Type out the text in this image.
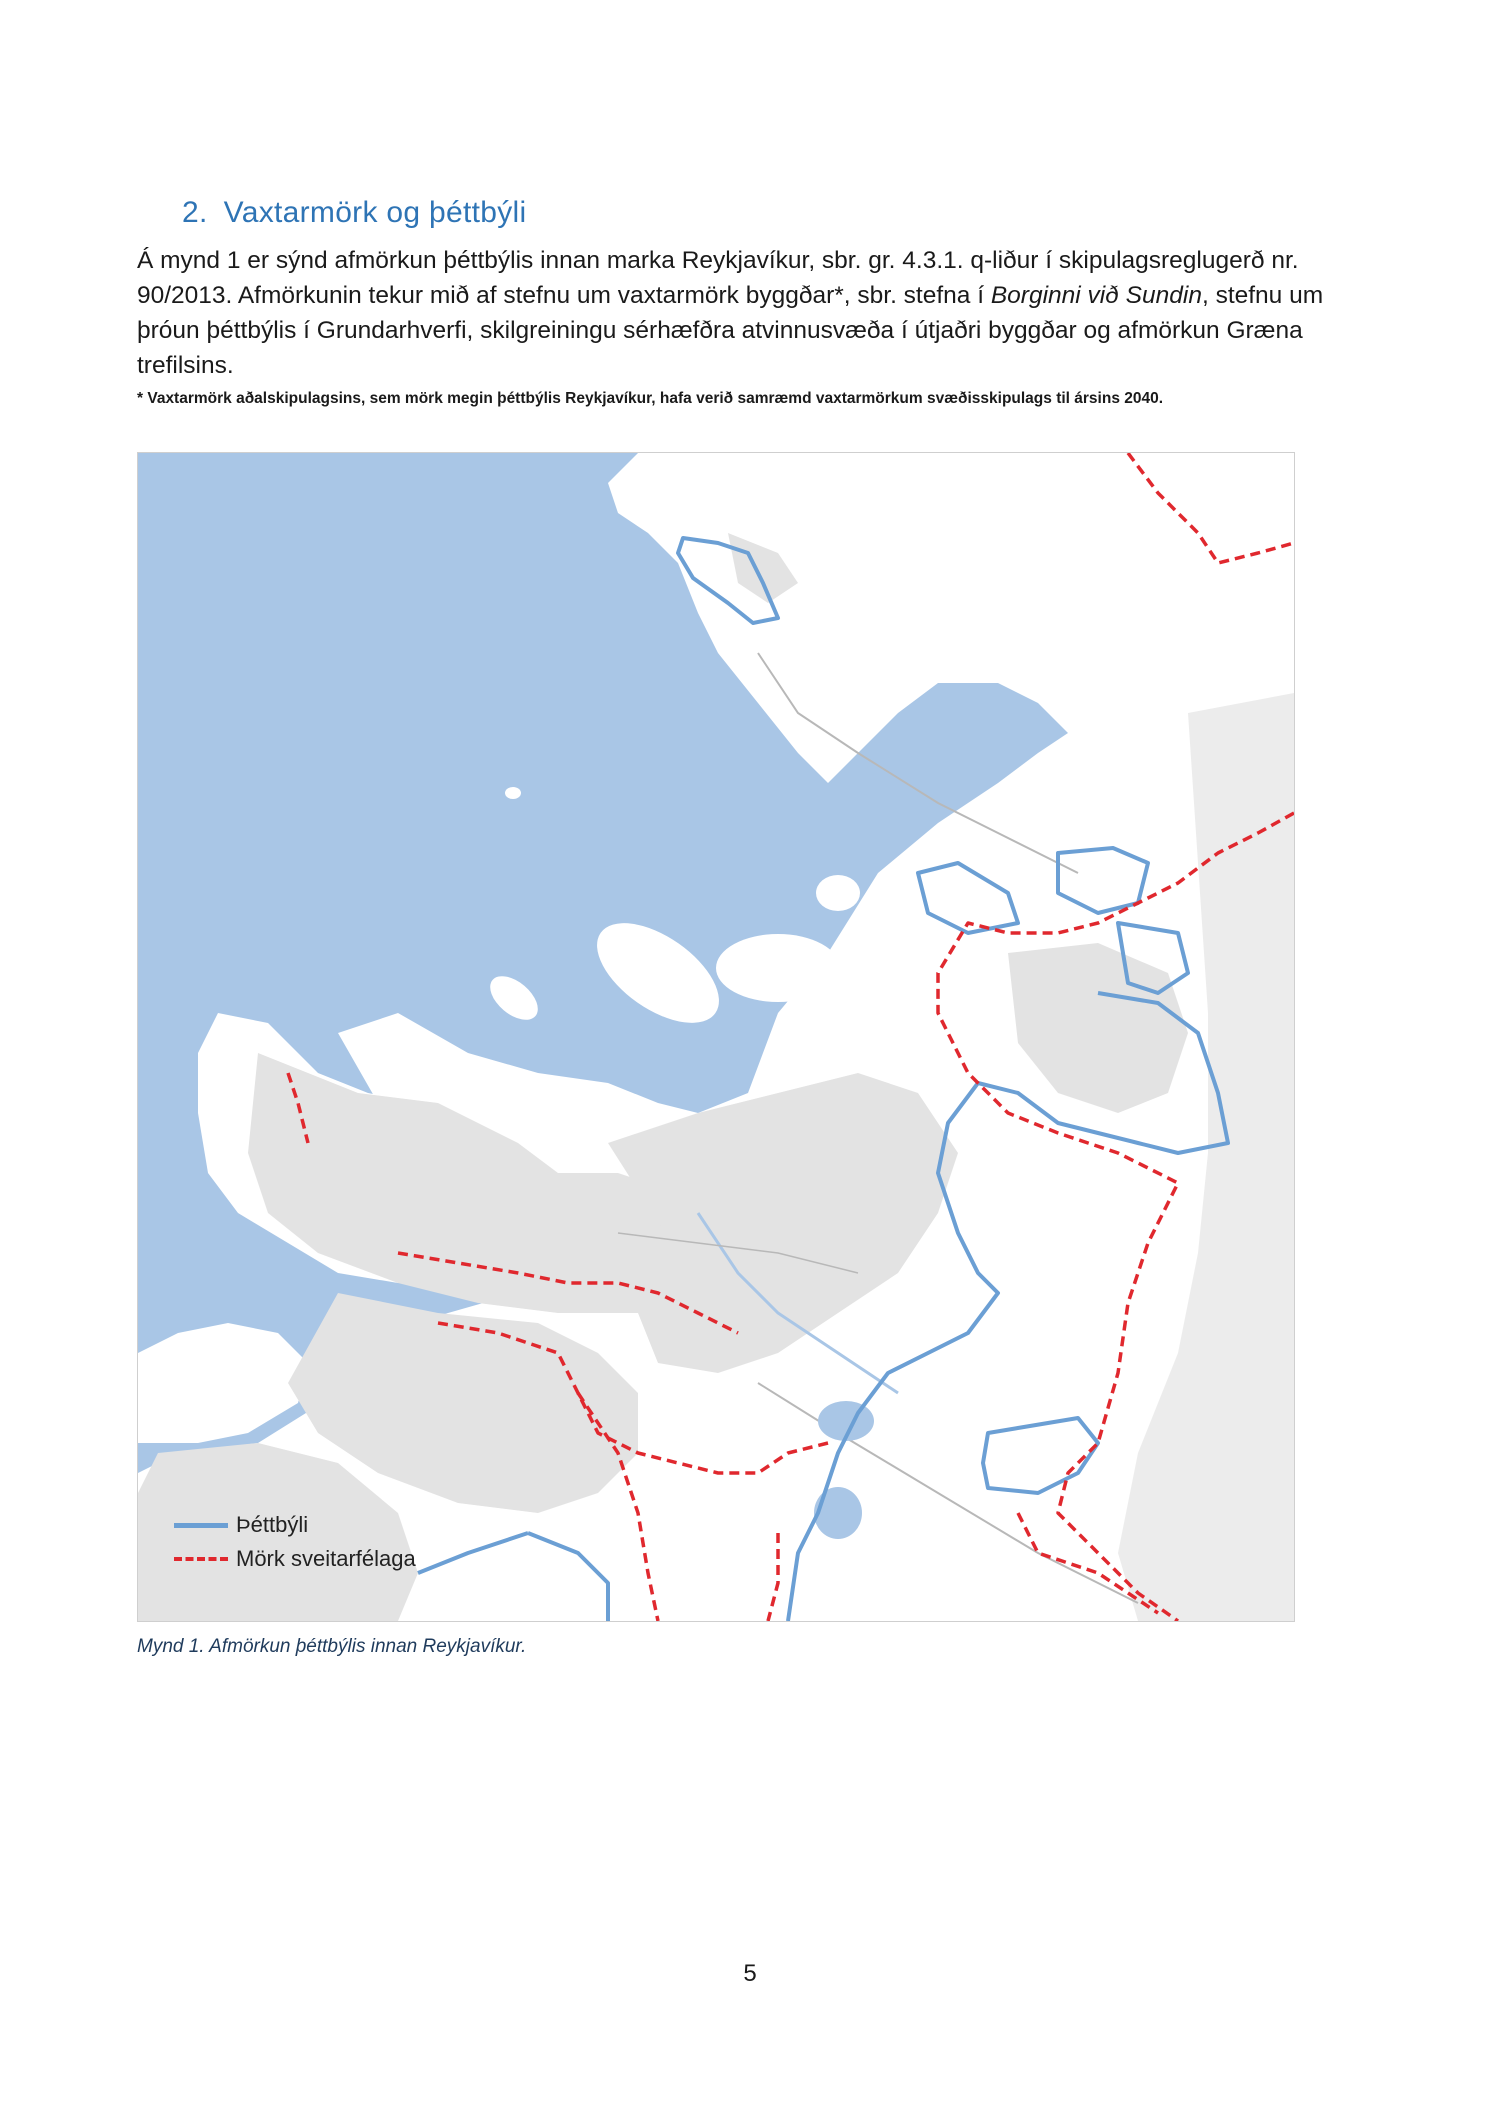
2. Vaxtarmörk og þéttbýli

Á mynd 1 er sýnd afmörkun þéttbýlis innan marka Reykjavíkur, sbr. gr. 4.3.1. q-liður í skipulagsreglugerð nr. 90/2013. Afmörkunin tekur mið af stefnu um vaxtarmörk byggðar*, sbr. stefna í Borginni við Sundin, stefnu um þróun þéttbýlis í Grundarhverfi, skilgreiningu sérhæfðra atvinnusvæða í útjaðri byggðar og afmörkun Græna trefilsins.

* Vaxtarmörk aðalskipulagsins, sem mörk megin þéttbýlis Reykjavíkur, hafa verið samræmd vaxtarmörkum svæðisskipulags til ársins 2040.

Þéttbýli
Mörk sveitarfélaga

Mynd 1. Afmörkun þéttbýlis innan Reykjavíkur.

5
